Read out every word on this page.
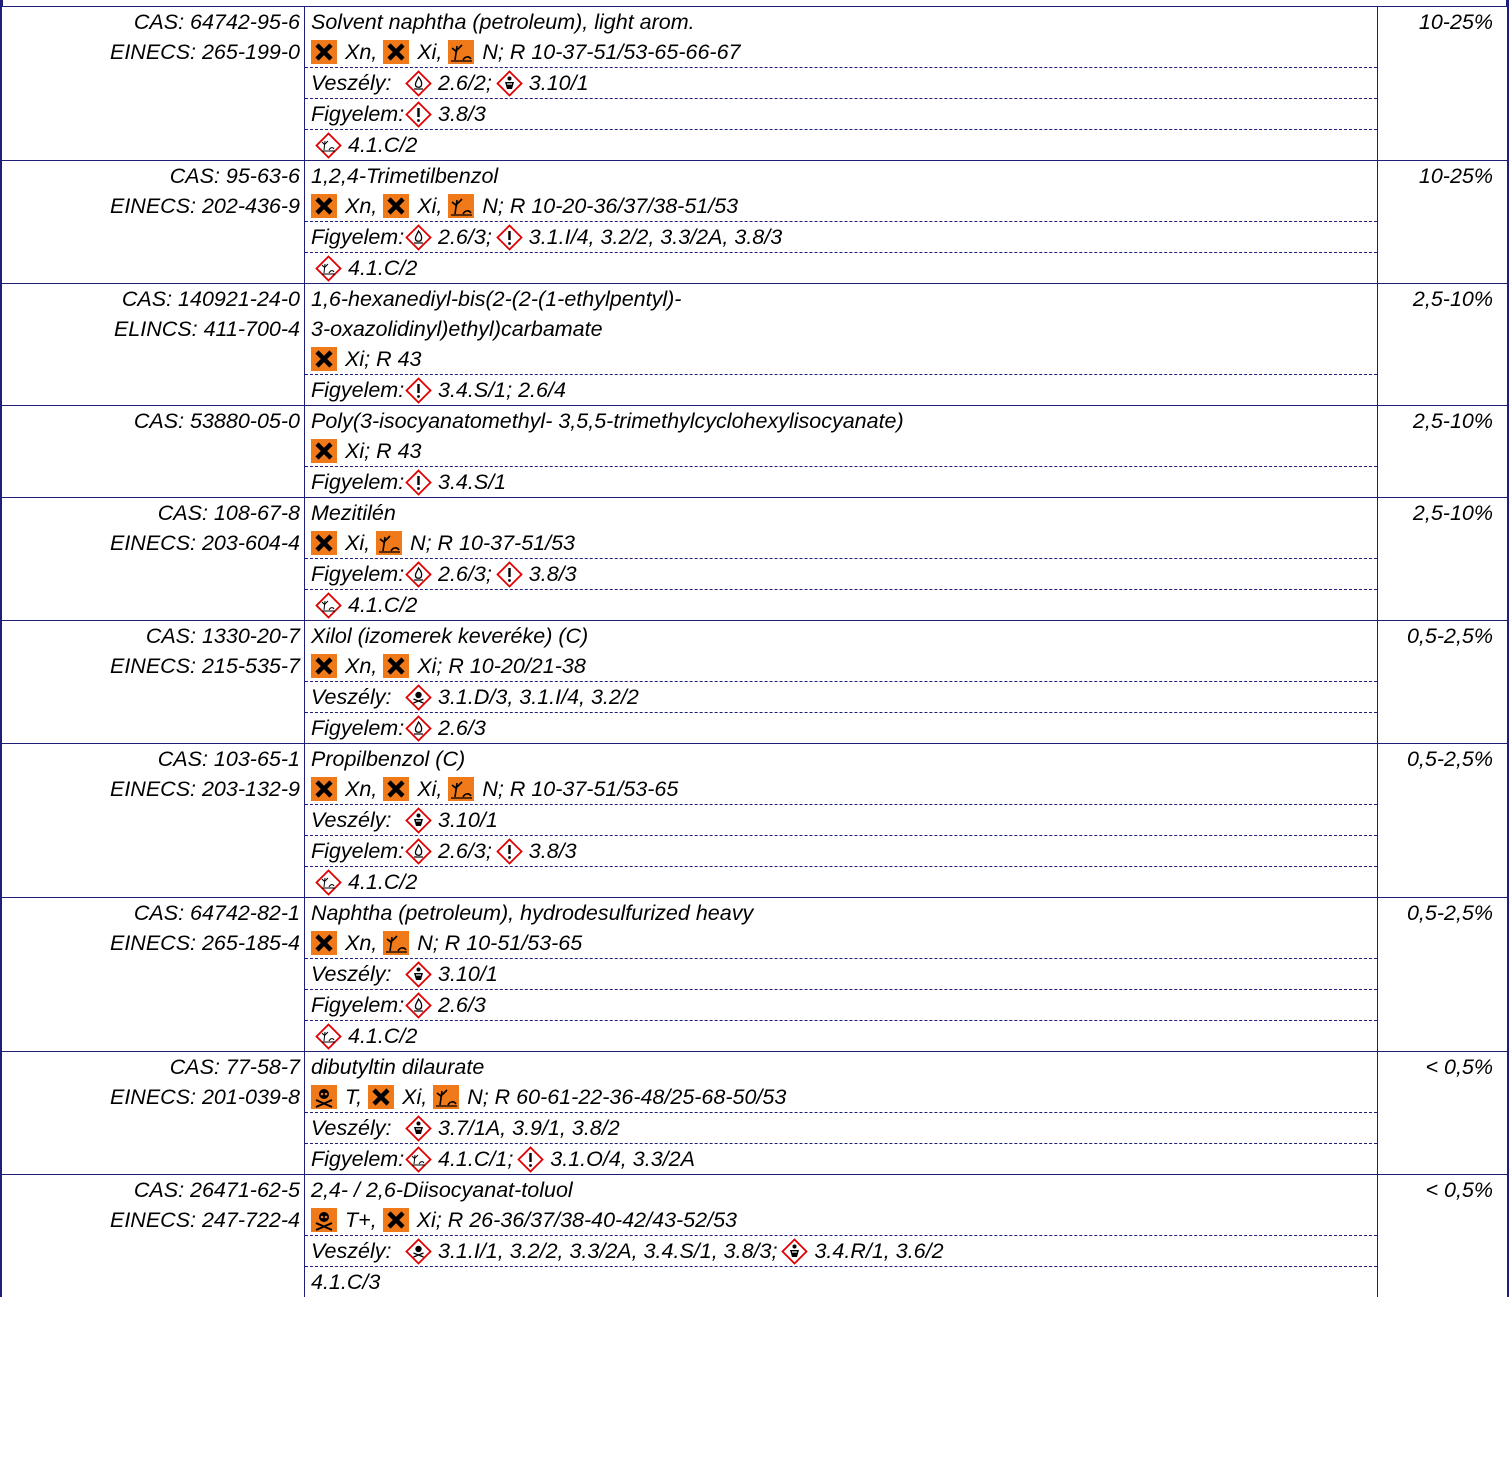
CAS: 64742-95-6
EINECS: 265-199-0
Solvent naphtha (petroleum), light arom.
Xn, Xi, N; R 10-37-51/53-65-66-67
Veszély: 2.6/2; 3.10/1
Figyelem: 3.8/3
4.1.C/2
10-25%
CAS: 95-63-6
EINECS: 202-436-9
1,2,4-Trimetilbenzol
Xn, Xi, N; R 10-20-36/37/38-51/53
Figyelem: 2.6/3; 3.1.I/4, 3.2/2, 3.3/2A, 3.8/3
4.1.C/2
10-25%
CAS: 140921-24-0
ELINCS: 411-700-4
1,6-hexanediyl-bis(2-(2-(1-ethylpentyl)-
3-oxazolidinyl)ethyl)carbamate
Xi; R 43
Figyelem: 3.4.S/1; 2.6/4
2,5-10%
CAS: 53880-05-0 Poly(3-isocyanatomethyl- 3,5,5-trimethylcyclohexylisocyanate)
Xi; R 43
Figyelem: 3.4.S/1
2,5-10%
CAS: 108-67-8
EINECS: 203-604-4
Mezitilén
Xi, N; R 10-37-51/53
Figyelem: 2.6/3; 3.8/3
4.1.C/2
2,5-10%
CAS: 1330-20-7
EINECS: 215-535-7
Xilol (izomerek keveréke) (C)
Xn, Xi; R 10-20/21-38
Veszély: 3.1.D/3, 3.1.I/4, 3.2/2
Figyelem: 2.6/3
0,5-2,5%
CAS: 103-65-1
EINECS: 203-132-9
Propilbenzol (C)
Xn, Xi, N; R 10-37-51/53-65
Veszély: 3.10/1
Figyelem: 2.6/3; 3.8/3
4.1.C/2
0,5-2,5%
CAS: 64742-82-1
EINECS: 265-185-4
Naphtha (petroleum), hydrodesulfurized heavy
Xn, N; R 10-51/53-65
Veszély: 3.10/1
Figyelem: 2.6/3
4.1.C/2
0,5-2,5%
CAS: 77-58-7
EINECS: 201-039-8
dibutyltin dilaurate
T, Xi, N; R 60-61-22-36-48/25-68-50/53
Veszély: 3.7/1A, 3.9/1, 3.8/2
Figyelem: 4.1.C/1; 3.1.O/4, 3.3/2A
< 0,5%
CAS: 26471-62-5
EINECS: 247-722-4
2,4- / 2,6-Diisocyanat-toluol
T+, Xi; R 26-36/37/38-40-42/43-52/53
Veszély: 3.1.I/1, 3.2/2, 3.3/2A, 3.4.S/1, 3.8/3; 3.4.R/1, 3.6/2
4.1.C/3
< 0,5%
